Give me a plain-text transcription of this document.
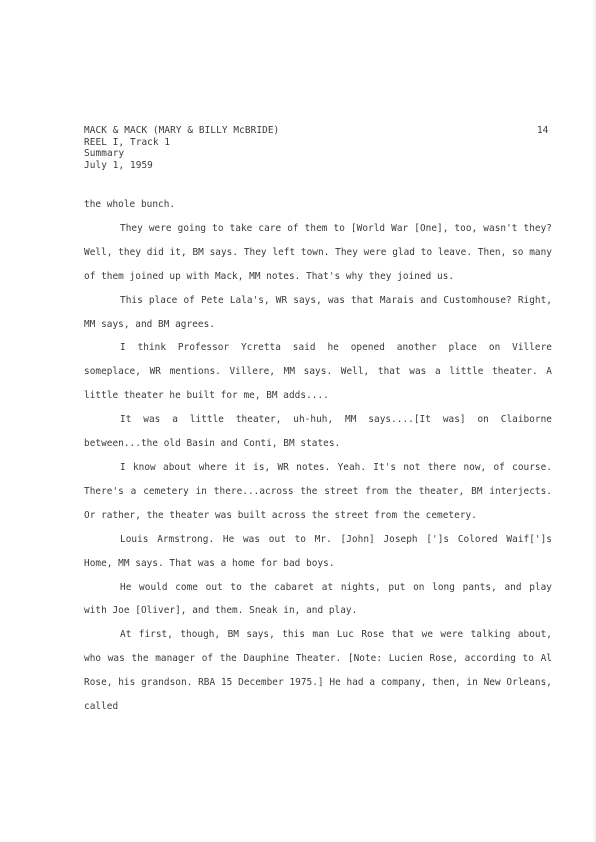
MACK & MACK (MARY & BILLY McBRIDE)
REEL I, Track 1
Summary
July 1, 1959
14

the whole bunch.

They were going to take care of them to [World War [One], too, wasn't they? Well, they did it, BM says. They left town. They were glad to leave. Then, so many of them joined up with Mack, MM notes. That's why they joined us.

This place of Pete Lala's, WR says, was that Marais and Customhouse? Right, MM says, and BM agrees.

I think Professor Ycretta said he opened another place on Villere someplace, WR mentions. Villere, MM says. Well, that was a little theater. A little theater he built for me, BM adds....

It was a little theater, uh-huh, MM says....[It was] on Claiborne between...the old Basin and Conti, BM states.

I know about where it is, WR notes. Yeah. It's not there now, of course. There's a cemetery in there...across the street from the theater, BM interjects. Or rather, the theater was built across the street from the cemetery.

Louis Armstrong. He was out to Mr. [John] Joseph [']s Colored Waif[']s Home, MM says. That was a home for bad boys.

He would come out to the cabaret at nights, put on long pants, and play with Joe [Oliver], and them. Sneak in, and play.

At first, though, BM says, this man Luc Rose that we were talking about, who was the manager of the Dauphine Theater. [Note: Lucien Rose, according to Al Rose, his grandson. RBA 15 December 1975.] He had a company, then, in New Orleans, called
